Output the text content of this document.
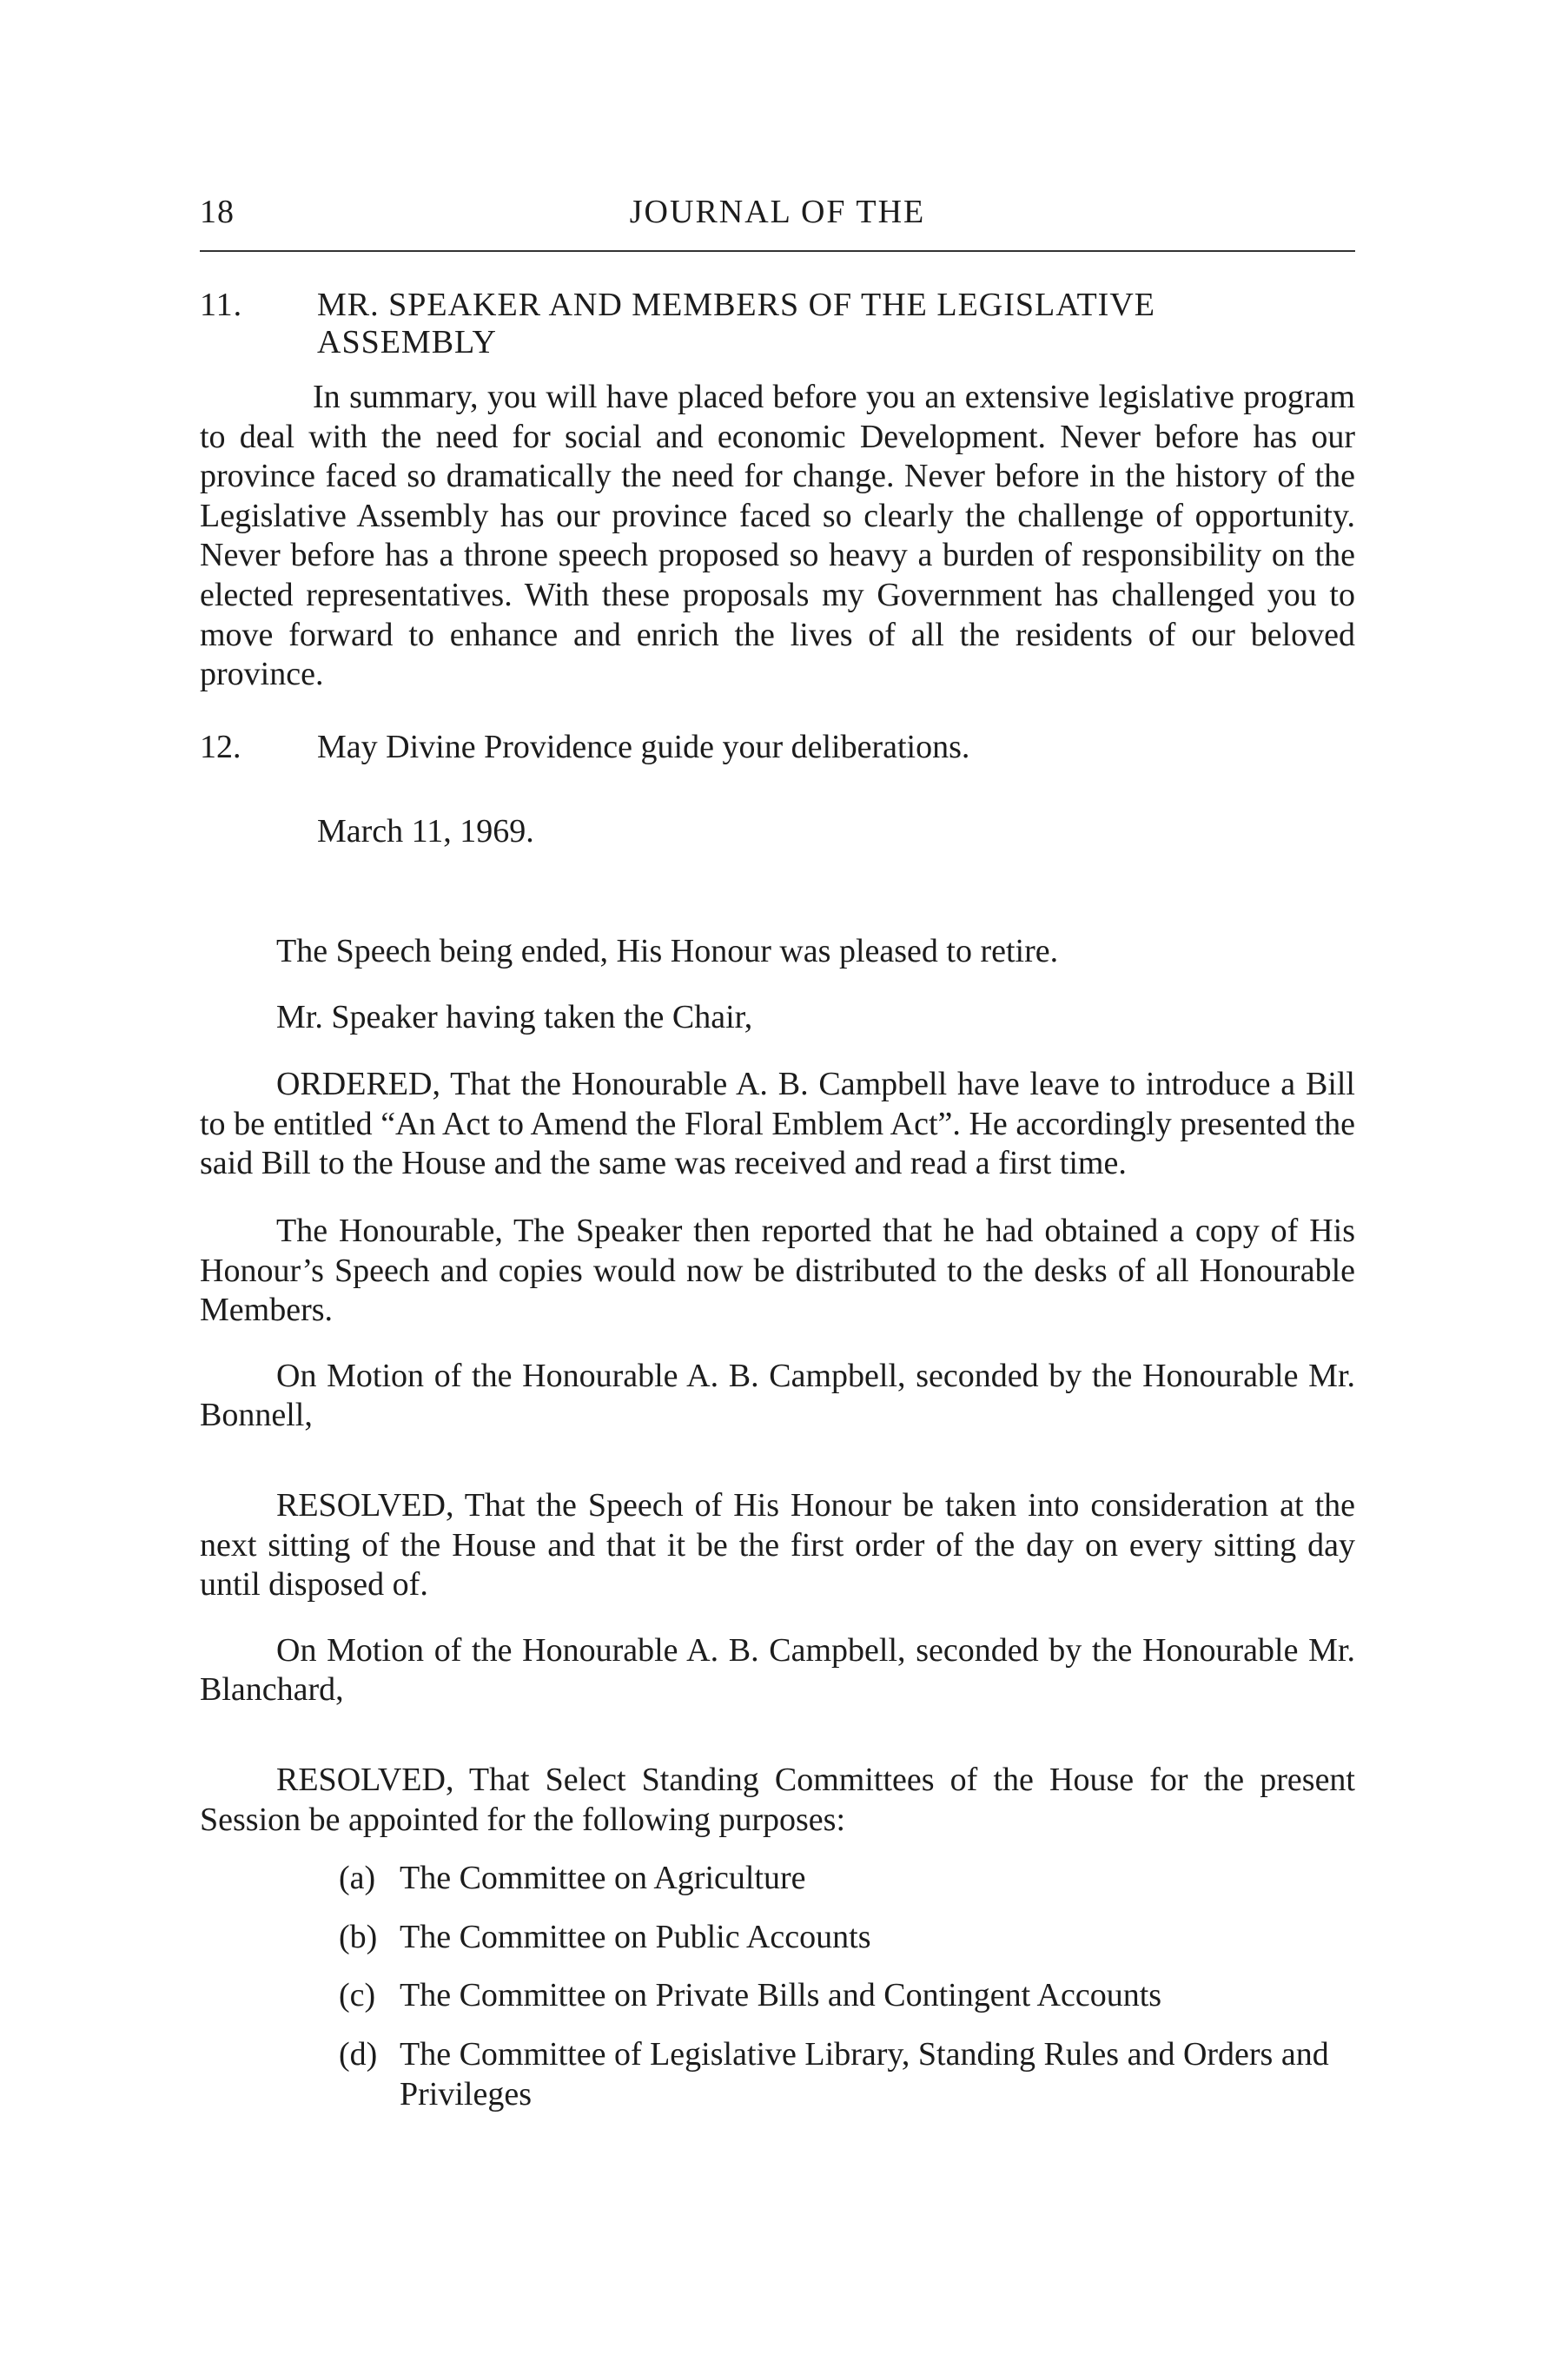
18	JOURNAL OF THE
11. MR. SPEAKER AND MEMBERS OF THE LEGISLATIVE
ASSEMBLY

In summary, you will have placed before you an extensive legislative program to deal with the need for social and economic Development. Never before has our province faced so dramatically the need for change. Never before in the history of the Legislative Assembly has our province faced so clearly the challenge of opportunity. Never before has a throne speech proposed so heavy a burden of responsibility on the elected representatives. With these proposals my Government has challenged you to move forward to enhance and enrich the lives of all the residents of our beloved province.

12. May Divine Providence guide your deliberations.

March 11, 1969.

The Speech being ended, His Honour was pleased to retire.

Mr. Speaker having taken the Chair,

ORDERED, That the Honourable A. B. Campbell have leave to introduce a Bill to be entitled “An Act to Amend the Floral Emblem Act”. He accordingly presented the said Bill to the House and the same was received and read a first time.

The Honourable, The Speaker then reported that he had obtained a copy of His Honour’s Speech and copies would now be distributed to the desks of all Honourable Members.

On Motion of the Honourable A. B. Campbell, seconded by the Honourable Mr. Bonnell,

RESOLVED, That the Speech of His Honour be taken into consideration at the next sitting of the House and that it be the first order of the day on every sitting day until disposed of.

On Motion of the Honourable A. B. Campbell, seconded by the Honourable Mr. Blanchard,

RESOLVED, That Select Standing Committees of the House for the present Session be appointed for the following purposes:

(a) The Committee on Agriculture
(b) The Committee on Public Accounts
(c) The Committee on Private Bills and Contingent Accounts
(d) The Committee of Legislative Library, Standing Rules and Orders and Privileges
